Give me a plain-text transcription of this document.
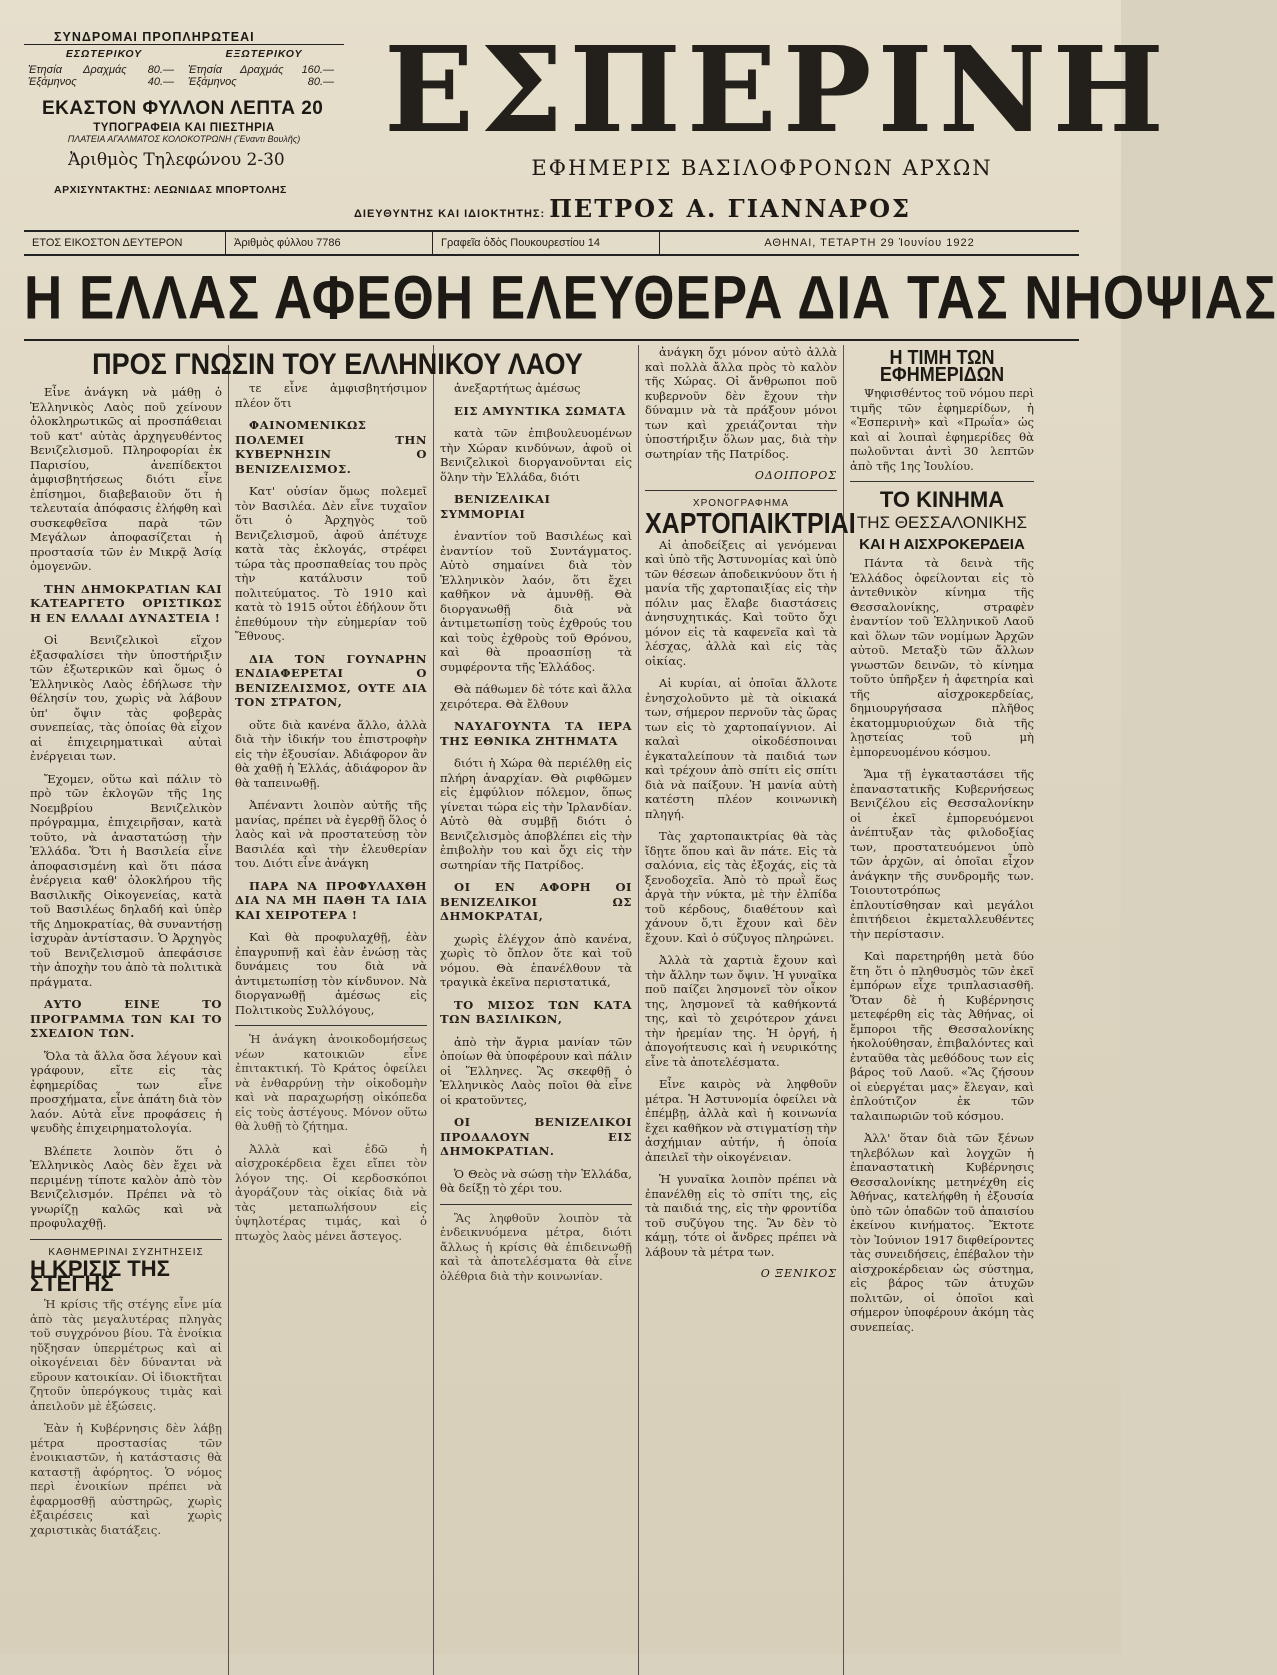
ΣΥΝΔΡΟΜΑΙ ΠΡΟΠΛΗΡΩΤΕΑΙ
ΕΣΩΤΕΡΙΚΟΥ
Ἐτησία Δραχμάς 80.—
Ἑξάμηνος	40.—
ΕΞΩΤΕΡΙΚΟΥ
Ἐτησία Δραχμάς 160.—
Ἑξάμηνος	80.—
ΕΚΑΣΤΟΝ ΦΥΛΛΟΝ ΛΕΠΤΑ 20
ΤΥΠΟΓΡΑΦΕΙΑ ΚΑΙ ΠΙΕΣΤΗΡΙΑ
ΠΛΑΤΕΙΑ ΑΓΑΛΜΑΤΟΣ ΚΟΛΟΚΟΤΡΩΝΗ (Ἔναντι Βουλῆς)
Ἀριθμὸς Τηλεφώνου 2-30
ΑΡΧΙΣΥΝΤΑΚΤΗΣ: ΛΕΩΝΙΔΑΣ ΜΠΟΡΤΟΛΗΣ
ΕΣΠΕΡΙΝΗ
ΕΦΗΜΕΡΙΣ ΒΑΣΙΛΟΦΡΟΝΩΝ ΑΡΧΩΝ
ΔΙΕΥΘΥΝΤΗΣ ΚΑΙ ΙΔΙΟΚΤΗΤΗΣ: ΠΕΤΡΟΣ Α. ΓΙΑΝΝΑΡΟΣ
ΕΤΟΣ ΕΙΚΟΣΤΟΝ ΔΕΥΤΕΡΟΝ	Ἀριθμὸς φύλλου 7786	Γραφεῖα ὁδὸς Πουκουρεστίου 14	ΑΘΗΝΑΙ, ΤΕΤΑΡΤΗ 29 Ἰουνίου 1922
Η ΕΛΛΑΣ ΑΦΕΘΗ ΕΛΕΥΘΕΡΑ ΔΙΑ ΤΑΣ ΝΗΟΨΙΑΣ
ΠΡΟΣ ΓΝΩΣΙΝ ΤΟΥ ΕΛΛΗΝΙΚΟΥ ΛΑΟΥ

Εἶνε ἀνάγκη νὰ μάθῃ ὁ Ἑλληνικὸς Λαὸς ποῦ χείνουν ὁλοκληρωτικῶς αἱ προσπάθειαι τοῦ κατ' αὐτὰς ἀρχηγευθέντος Βενιζελισμοῦ. Πληροφορίαι ἐκ Παρισίου, ἀνεπίδεκτοι ἀμφισβητήσεως διότι εἶνε ἐπίσημοι, διαβεβαιοῦν ὅτι ἡ τελευταία ἀπόφασις ἐλήφθη καὶ συσκεφθεῖσα παρὰ τῶν Μεγάλων ἀποφασίζεται ἡ προστασία τῶν ἐν Μικρᾷ Ἀσίᾳ ὁμογενῶν.

ΤΗΝ ΔΗΜΟΚΡΑΤΙΑΝ ΚΑΙ ΚΑΤΕΑΡΓΕΤΟ ΟΡΙΣΤΙΚΩΣ Η ΕΝ ΕΛΛΑΔΙ ΔΥΝΑΣΤΕΙΑ !

Οἱ Βενιζελικοὶ εἴχον ἐξασφαλίσει τὴν ὑποστήριξιν τῶν ἐξωτερικῶν καὶ ὅμως ὁ Ἑλληνικὸς Λαὸς ἐδήλωσε τὴν θέλησίν του, χωρὶς νὰ λάβουν ὑπ' ὄψιν τὰς φοβερὰς συνεπείας, τὰς ὁποίας θὰ εἶχον αἱ ἐπιχειρηματικαὶ αὐταὶ ἐνέργειαι των.

Ἔχομεν, οὕτω καὶ πάλιν τὸ πρὸ τῶν ἐκλογῶν τῆς 1ης Νοεμβρίου Βενιζελικὸν πρόγραμμα, ἐπιχειρῆσαν, κατὰ τοῦτο, νὰ ἀναστατώσῃ τὴν Ἑλλάδα. Ὅτι ἡ Βασιλεία εἶνε ἀποφασισμένη καὶ ὅτι πάσα ἐνέργεια καθ' ὁλοκλήρου τῆς Βασιλικῆς Οἰκογενείας, κατὰ τοῦ Βασιλέως δηλαδή καὶ ὑπὲρ τῆς Δημοκρατίας, θὰ συναντήσῃ ἰσχυρὰν ἀντίστασιν. Ὁ Ἀρχηγὸς τοῦ Βενιζελισμοῦ ἀπεφάσισε τὴν ἀποχὴν του ἀπὸ τὰ πολιτικὰ πράγματα.

ΑΥΤΟ ΕΙΝΕ ΤΟ ΠΡΟΓΡΑΜΜΑ ΤΩΝ ΚΑΙ ΤΟ ΣΧΕΔΙΟΝ ΤΩΝ.

Ὅλα τὰ ἄλλα ὅσα λέγουν καὶ γράφουν, εἴτε εἰς τὰς ἐφημερίδας των εἶνε προσχήματα, εἶνε ἀπάτη διὰ τὸν λαόν. Αὐτὰ εἶνε προφάσεις ἡ ψευδὴς ἐπιχειρηματολογία.

Βλέπετε λοιπὸν ὅτι ὁ Ἑλληνικὸς Λαὸς δὲν ἔχει νὰ περιμένῃ τίποτε καλὸν ἀπὸ τὸν Βενιζελισμόν. Πρέπει νὰ τὸ γνωρίζῃ καλῶς καὶ νὰ προφυλαχθῇ.

ΚΑΘΗΜΕΡΙΝΑΙ ΣΥΖΗΤΗΣΕΙΣ
Η ΚΡΙΣΙΣ ΤΗΣ ΣΤΕΓΗΣ

Ἡ κρίσις τῆς στέγης εἶνε μία ἀπὸ τὰς μεγαλυτέρας πληγὰς τοῦ συγχρόνου βίου. Τὰ ἐνοίκια ηὔξησαν ὑπερμέτρως καὶ αἱ οἰκογένειαι δὲν δύνανται νὰ εὕρουν κατοικίαν. Οἱ ἰδιοκτῆται ζητοῦν ὑπερόγκους τιμὰς καὶ ἀπειλοῦν μὲ ἐξώσεις.

Ἐὰν ἡ Κυβέρνησις δὲν λάβῃ μέτρα προστασίας τῶν ἐνοικιαστῶν, ἡ κατάστασις θὰ καταστῇ ἀφόρητος. Ὁ νόμος περὶ ἐνοικίων πρέπει νὰ ἐφαρμοσθῇ αὐστηρῶς, χωρὶς ἐξαιρέσεις καὶ χωρὶς χαριστικὰς διατάξεις.

τε εἶνε ἀμφισβητήσιμον πλέον ὅτι

ΦΑΙΝΟΜΕΝΙΚΩΣ ΠΟΛΕΜΕΙ ΤΗΝ ΚΥΒΕΡΝΗΣΙΝ Ο ΒΕΝΙΖΕΛΙΣΜΟΣ.

Κατ' οὐσίαν ὅμως πολεμεῖ τὸν Βασιλέα. Δὲν εἶνε τυχαῖον ὅτι ὁ Ἀρχηγὸς τοῦ Βενιζελισμοῦ, ἀφοῦ ἀπέτυχε κατὰ τὰς ἐκλογάς, στρέφει τώρα τὰς προσπαθείας του πρὸς τὴν κατάλυσιν τοῦ πολιτεύματος. Τὸ 1910 καὶ κατὰ τὸ 1915 οὗτοι ἐδήλουν ὅτι ἐπεθύμουν τὴν εὐημερίαν τοῦ Ἔθνους.

ΔΙΑ ΤΟΝ ΓΟΥΝΑΡΗΝ ΕΝΔΙΑΦΕΡΕΤΑΙ Ο ΒΕΝΙΖΕΛΙΣΜΟΣ, ΟΥΤΕ ΔΙΑ ΤΟΝ ΣΤΡΑΤΟΝ,

οὔτε διὰ κανένα ἄλλο, ἀλλὰ διὰ τὴν ἰδικήν του ἐπιστροφὴν εἰς τὴν ἐξουσίαν. Ἀδιάφορον ἂν θὰ χαθῇ ἡ Ἑλλάς, ἀδιάφορον ἂν θὰ ταπεινωθῇ.

Ἀπέναντι λοιπὸν αὐτῆς τῆς μανίας, πρέπει νὰ ἐγερθῇ ὅλος ὁ λαὸς καὶ νὰ προστατεύσῃ τὸν Βασιλέα καὶ τὴν ἐλευθερίαν του. Διότι εἶνε ἀνάγκη

ΠΑΡΑ ΝΑ ΠΡΟΦΥΛΑΧΘΗ ΔΙΑ ΝΑ ΜΗ ΠΑΘΗ ΤΑ ΙΔΙΑ ΚΑΙ ΧΕΙΡΟΤΕΡΑ !

Καὶ θὰ προφυλαχθῇ, ἐὰν ἐπαγρυπνῇ καὶ ἐὰν ἐνώσῃ τὰς δυνάμεις του διὰ νὰ ἀντιμετωπίσῃ τὸν κίνδυνον. Νὰ διοργανωθῇ ἀμέσως εἰς Πολιτικοὺς Συλλόγους,

Ἡ ἀνάγκη ἀνοικοδομήσεως νέων κατοικιῶν εἶνε ἐπιτακτική. Τὸ Κράτος ὀφείλει νὰ ἐνθαρρύνῃ τὴν οἰκοδομὴν καὶ νὰ παραχωρήσῃ οἰκόπεδα εἰς τοὺς ἀστέγους. Μόνον οὕτω θὰ λυθῇ τὸ ζήτημα.

Ἀλλὰ καὶ ἐδῶ ἡ αἰσχροκέρδεια ἔχει εἴπει τὸν λόγον της. Οἱ κερδοσκόποι ἀγοράζουν τὰς οἰκίας διὰ νὰ τὰς μεταπωλήσουν εἰς ὑψηλοτέρας τιμάς, καὶ ὁ πτωχὸς λαὸς μένει ἄστεγος.

ἀνεξαρτήτως ἀμέσως

ΕΙΣ ΑΜΥΝΤΙΚΑ ΣΩΜΑΤΑ

κατὰ τῶν ἐπιβουλευομένων τὴν Χώραν κινδύνων, ἀφοῦ οἱ Βενιζελικοὶ διοργανοῦνται εἰς ὅλην τὴν Ἑλλάδα, διότι

ΒΕΝΙΖΕΛΙΚΑΙ ΣΥΜΜΟΡΙΑΙ

ἐναντίον τοῦ Βασιλέως καὶ ἐναντίον τοῦ Συντάγματος. Αὐτὸ σημαίνει διὰ τὸν Ἑλληνικὸν λαόν, ὅτι ἔχει καθῆκον νὰ ἀμυνθῇ. Θὰ διοργανωθῇ διὰ νὰ ἀντιμετωπίσῃ τοὺς ἐχθρούς του καὶ τοὺς ἐχθροὺς τοῦ Θρόνου, καὶ θὰ προασπίσῃ τὰ συμφέροντα τῆς Ἑλλάδος.

Θὰ πάθωμεν δὲ τότε καὶ ἄλλα χειρότερα. Θὰ ἔλθουν

ΝΑΥΑΓΟΥΝΤΑ ΤΑ ΙΕΡΑ ΤΗΣ ΕΘΝΙΚΑ ΖΗΤΗΜΑΤΑ

διότι ἡ Χώρα θὰ περιέλθῃ εἰς πλήρη ἀναρχίαν. Θὰ ριφθῶμεν εἰς ἐμφύλιον πόλεμον, ὅπως γίνεται τώρα εἰς τὴν Ἰρλανδίαν. Αὐτὸ θὰ συμβῇ διότι ὁ Βενιζελισμὸς ἀποβλέπει εἰς τὴν ἐπιβολὴν του καὶ ὄχι εἰς τὴν σωτηρίαν τῆς Πατρίδος.

ΟΙ ΕΝ ΑΦΟΡΗ ΟΙ ΒΕΝΙΖΕΛΙΚΟΙ ΩΣ ΔΗΜΟΚΡΑΤΑΙ,

χωρὶς ἐλέγχον ἀπὸ κανένα, χωρὶς τὸ ὄπλον ὅτε καὶ τοῦ νόμου. Θὰ ἐπανέλθουν τὰ τραγικὰ ἐκεῖνα περιστατικά,

ΤΟ ΜΙΣΟΣ ΤΩΝ ΚΑΤΑ ΤΩΝ ΒΑΣΙΛΙΚΩΝ,

ἀπὸ τὴν ἄγρια μανίαν τῶν ὁποίων θὰ ὑποφέρουν καὶ πάλιν οἱ Ἕλληνες. Ἂς σκεφθῇ ὁ Ἑλληνικὸς Λαὸς ποῖοι θὰ εἶνε οἱ κρατοῦντες,

ΟΙ ΒΕΝΙΖΕΛΙΚΟΙ ΠΡΟΔΑΛΟΥΝ ΕΙΣ ΔΗΜΟΚΡΑΤΙΑΝ.

Ὁ Θεὸς νὰ σώσῃ τὴν Ἑλλάδα, θὰ δείξῃ τὸ χέρι του.

Ἂς ληφθοῦν λοιπὸν τὰ ἐνδεικνυόμενα μέτρα, διότι ἄλλως ἡ κρίσις θὰ ἐπιδεινωθῇ καὶ τὰ ἀποτελέσματα θὰ εἶνε ὀλέθρια διὰ τὴν κοινωνίαν.

ἀνάγκη ὄχι μόνον αὐτὸ ἀλλὰ καὶ πολλὰ ἄλλα πρὸς τὸ καλὸν τῆς Χώρας. Οἱ ἄνθρωποι ποῦ κυβερνοῦν δὲν ἔχουν τὴν δύναμιν νὰ τὰ πράξουν μόνοι των καὶ χρειάζονται τὴν ὑποστήριξιν ὅλων μας, διὰ τὴν σωτηρίαν τῆς Πατρίδος.

ΟΔΟΙΠΟΡΟΣ
ΧΡΟΝΟΓΡΑΦΗΜΑ
ΧΑΡΤΟΠΑΙΚΤΡΙΑΙ

Αἱ ἀποδείξεις αἱ γενόμεναι καὶ ὑπὸ τῆς Ἀστυνομίας καὶ ὑπὸ τῶν θέσεων ἀποδεικνύουν ὅτι ἡ μανία τῆς χαρτοπαιξίας εἰς τὴν πόλιν μας ἔλαβε διαστάσεις ἀνησυχητικάς. Καὶ τοῦτο ὄχι μόνον εἰς τὰ καφενεῖα καὶ τὰ λέσχας, ἀλλὰ καὶ εἰς τὰς οἰκίας.

Αἱ κυρίαι, αἱ ὁποῖαι ἄλλοτε ἐνησχολοῦντο μὲ τὰ οἰκιακά των, σήμερον περνοῦν τὰς ὥρας των εἰς τὸ χαρτοπαίγνιον. Αἱ καλαὶ οἰκοδέσποιναι ἐγκαταλείπουν τὰ παιδιά των καὶ τρέχουν ἀπὸ σπίτι εἰς σπίτι διὰ νὰ παίξουν. Ἡ μανία αὐτὴ κατέστη πλέον κοινωνικὴ πληγή.

Τὰς χαρτοπαικτρίας θὰ τὰς ἴδῃτε ὅπου καὶ ἂν πάτε. Εἰς τὰ σαλόνια, εἰς τὰς ἐξοχάς, εἰς τὰ ξενοδοχεῖα. Ἀπὸ τὸ πρωῒ ἕως ἀργὰ τὴν νύκτα, μὲ τὴν ἐλπίδα τοῦ κέρδους, διαθέτουν καὶ χάνουν ὅ,τι ἔχουν καὶ δὲν ἔχουν. Καὶ ὁ σύζυγος πληρώνει.

Ἀλλὰ τὰ χαρτιὰ ἔχουν καὶ τὴν ἄλλην των ὄψιν. Ἡ γυναῖκα ποῦ παίζει λησμονεῖ τὸν οἶκον της, λησμονεῖ τὰ καθήκοντά της, καὶ τὸ χειρότερον χάνει τὴν ἠρεμίαν της. Ἡ ὀργή, ἡ ἀπογοήτευσις καὶ ἡ νευρικότης εἶνε τὰ ἀποτελέσματα.

Εἶνε καιρὸς νὰ ληφθοῦν μέτρα. Ἡ Ἀστυνομία ὀφείλει νὰ ἐπέμβῃ, ἀλλὰ καὶ ἡ κοινωνία ἔχει καθῆκον νὰ στιγματίσῃ τὴν ἀσχήμιαν αὐτήν, ἡ ὁποία ἀπειλεῖ τὴν οἰκογένειαν.

Ἡ γυναῖκα λοιπὸν πρέπει νὰ ἐπανέλθῃ εἰς τὸ σπίτι της, εἰς τὰ παιδιά της, εἰς τὴν φροντίδα τοῦ συζύγου της. Ἂν δὲν τὸ κάμῃ, τότε οἱ ἄνδρες πρέπει νὰ λάβουν τὰ μέτρα των.

Ο ΞΕΝΙΚΟΣ
Η ΤΙΜΗ ΤΩΝ ΕΦΗΜΕΡΙΔΩΝ

Ψηφισθέντος τοῦ νόμου περὶ τιμῆς τῶν ἐφημερίδων, ἡ «Ἑσπερινὴ» καὶ «Πρωΐα» ὡς καὶ αἱ λοιπαὶ ἐφημερίδες θὰ πωλοῦνται ἀντὶ 30 λεπτῶν ἀπὸ τῆς 1ης Ἰουλίου.

ΤΟ ΚΙΝΗΜΑ
ΤΗΣ ΘΕΣΣΑΛΟΝΙΚΗΣ
ΚΑΙ Η ΑΙΣΧΡΟΚΕΡΔΕΙΑ

Πάντα τὰ δεινὰ τῆς Ἑλλάδος ὀφείλονται εἰς τὸ ἀντεθνικὸν κίνημα τῆς Θεσσαλονίκης, στραφὲν ἐναντίον τοῦ Ἑλληνικοῦ Λαοῦ καὶ ὅλων τῶν νομίμων Ἀρχῶν αὐτοῦ. Μεταξὺ τῶν ἄλλων γνωστῶν δεινῶν, τὸ κίνημα τοῦτο ὑπῆρξεν ἡ ἀφετηρία καὶ τῆς αἰσχροκερδείας, δημιουργήσασα πλῆθος ἑκατομμυριούχων διὰ τῆς λῃστείας τοῦ μὴ ἐμπορευομένου κόσμου.

Ἅμα τῇ ἐγκαταστάσει τῆς ἐπαναστατικῆς Κυβερνήσεως Βενιζέλου εἰς Θεσσαλονίκην οἱ ἐκεῖ ἐμπορευόμενοι ἀνέπτυξαν τὰς φιλοδοξίας των, προστατευόμενοι ὑπὸ τῶν ἀρχῶν, αἱ ὁποῖαι εἶχον ἀνάγκην τῆς συνδρομῆς των. Τοιουτοτρόπως ἐπλουτίσθησαν καὶ μεγάλοι ἐπιτήδειοι ἐκμεταλλευθέντες τὴν περίστασιν.

Καὶ παρετηρήθη μετὰ δύο ἔτη ὅτι ὁ πληθυσμὸς τῶν ἐκεῖ ἐμπόρων εἶχε τριπλασιασθῆ. Ὅταν δὲ ἡ Κυβέρνησις μετεφέρθη εἰς τὰς Ἀθήνας, οἱ ἔμποροι τῆς Θεσσαλονίκης ἠκολούθησαν, ἐπιβαλόντες καὶ ἐνταῦθα τὰς μεθόδους των εἰς βάρος τοῦ Λαοῦ. «Ἂς ζήσουν οἱ εὐεργέται μας» ἔλεγαν, καὶ ἐπλούτιζον ἐκ τῶν ταλαιπωριῶν τοῦ κόσμου.

Ἀλλ' ὅταν διὰ τῶν ξένων τηλεβόλων καὶ λογχῶν ἡ ἐπαναστατικὴ Κυβέρνησις Θεσσαλονίκης μετηνέχθη εἰς Ἀθήνας, κατελήφθη ἡ ἐξουσία ὑπὸ τῶν ὀπαδῶν τοῦ ἀπαισίου ἐκείνου κινήματος. Ἔκτοτε τὸν Ἰούνιον 1917 διφθείροντες τὰς συνειδήσεις, ἐπέβαλον τὴν αἰσχροκέρδειαν ὡς σύστημα, εἰς βάρος τῶν ἀτυχῶν πολιτῶν, οἱ ὁποῖοι καὶ σήμερον ὑποφέρουν ἀκόμη τὰς συνεπείας.
